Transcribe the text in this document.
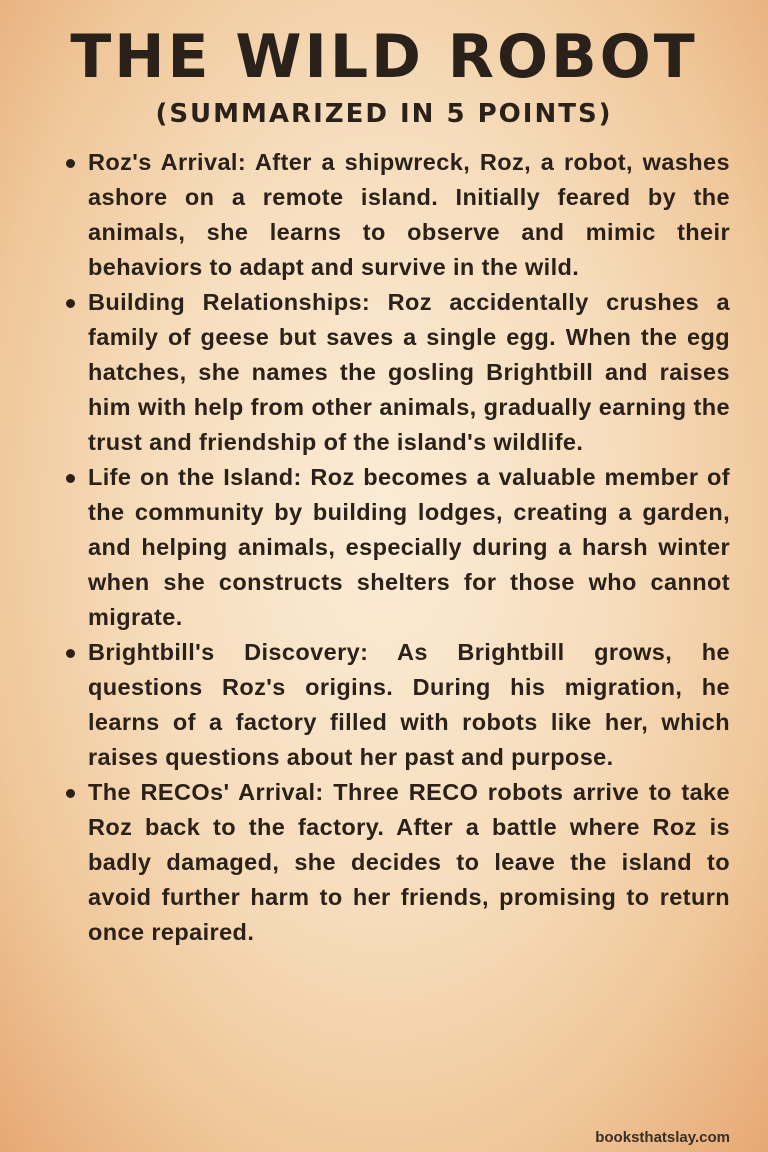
THE WILD ROBOT
(SUMMARIZED IN 5 POINTS)
Roz's Arrival: After a shipwreck, Roz, a robot, washes ashore on a remote island. Initially feared by the animals, she learns to observe and mimic their behaviors to adapt and survive in the wild.
Building Relationships: Roz accidentally crushes a family of geese but saves a single egg. When the egg hatches, she names the gosling Brightbill and raises him with help from other animals, gradually earning the trust and friendship of the island's wildlife.
Life on the Island: Roz becomes a valuable member of the community by building lodges, creating a garden, and helping animals, especially during a harsh winter when she constructs shelters for those who cannot migrate.
Brightbill's Discovery: As Brightbill grows, he questions Roz's origins. During his migration, he learns of a factory filled with robots like her, which raises questions about her past and purpose.
The RECOs' Arrival: Three RECO robots arrive to take Roz back to the factory. After a battle where Roz is badly damaged, she decides to leave the island to avoid further harm to her friends, promising to return once repaired.
booksthatslay.com
